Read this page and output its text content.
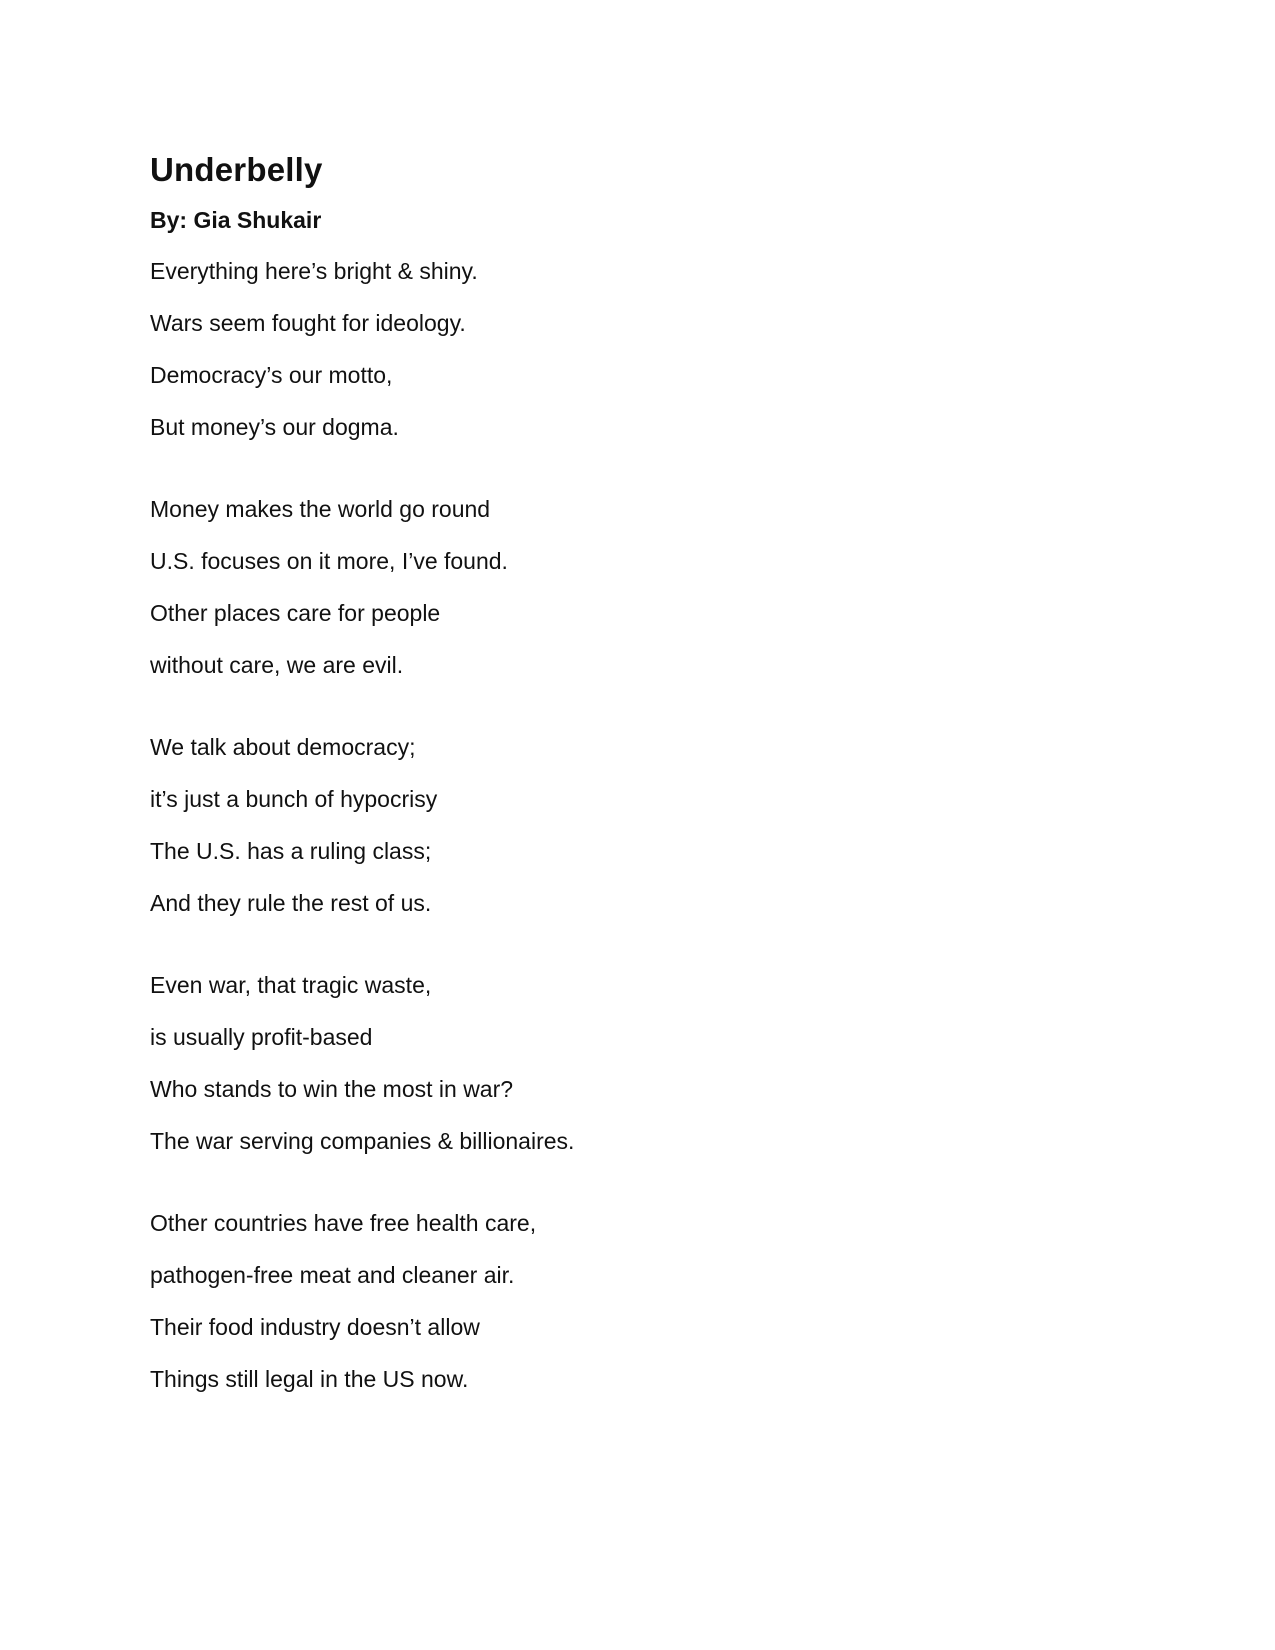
Underbelly
By: Gia Shukair
Everything here’s bright & shiny.
Wars seem fought for ideology.
Democracy’s our motto,
But money’s our dogma.
Money makes the world go round
U.S. focuses on it more, I’ve found.
Other places care for people
without care, we are evil.
We talk about democracy;
it’s just a bunch of hypocrisy
The U.S. has a ruling class;
And they rule the rest of us.
Even war, that tragic waste,
is usually profit-based
Who stands to win the most in war?
The war serving companies & billionaires.
Other countries have free health care,
pathogen-free meat and cleaner air.
Their food industry doesn’t allow
Things still legal in the US now.
